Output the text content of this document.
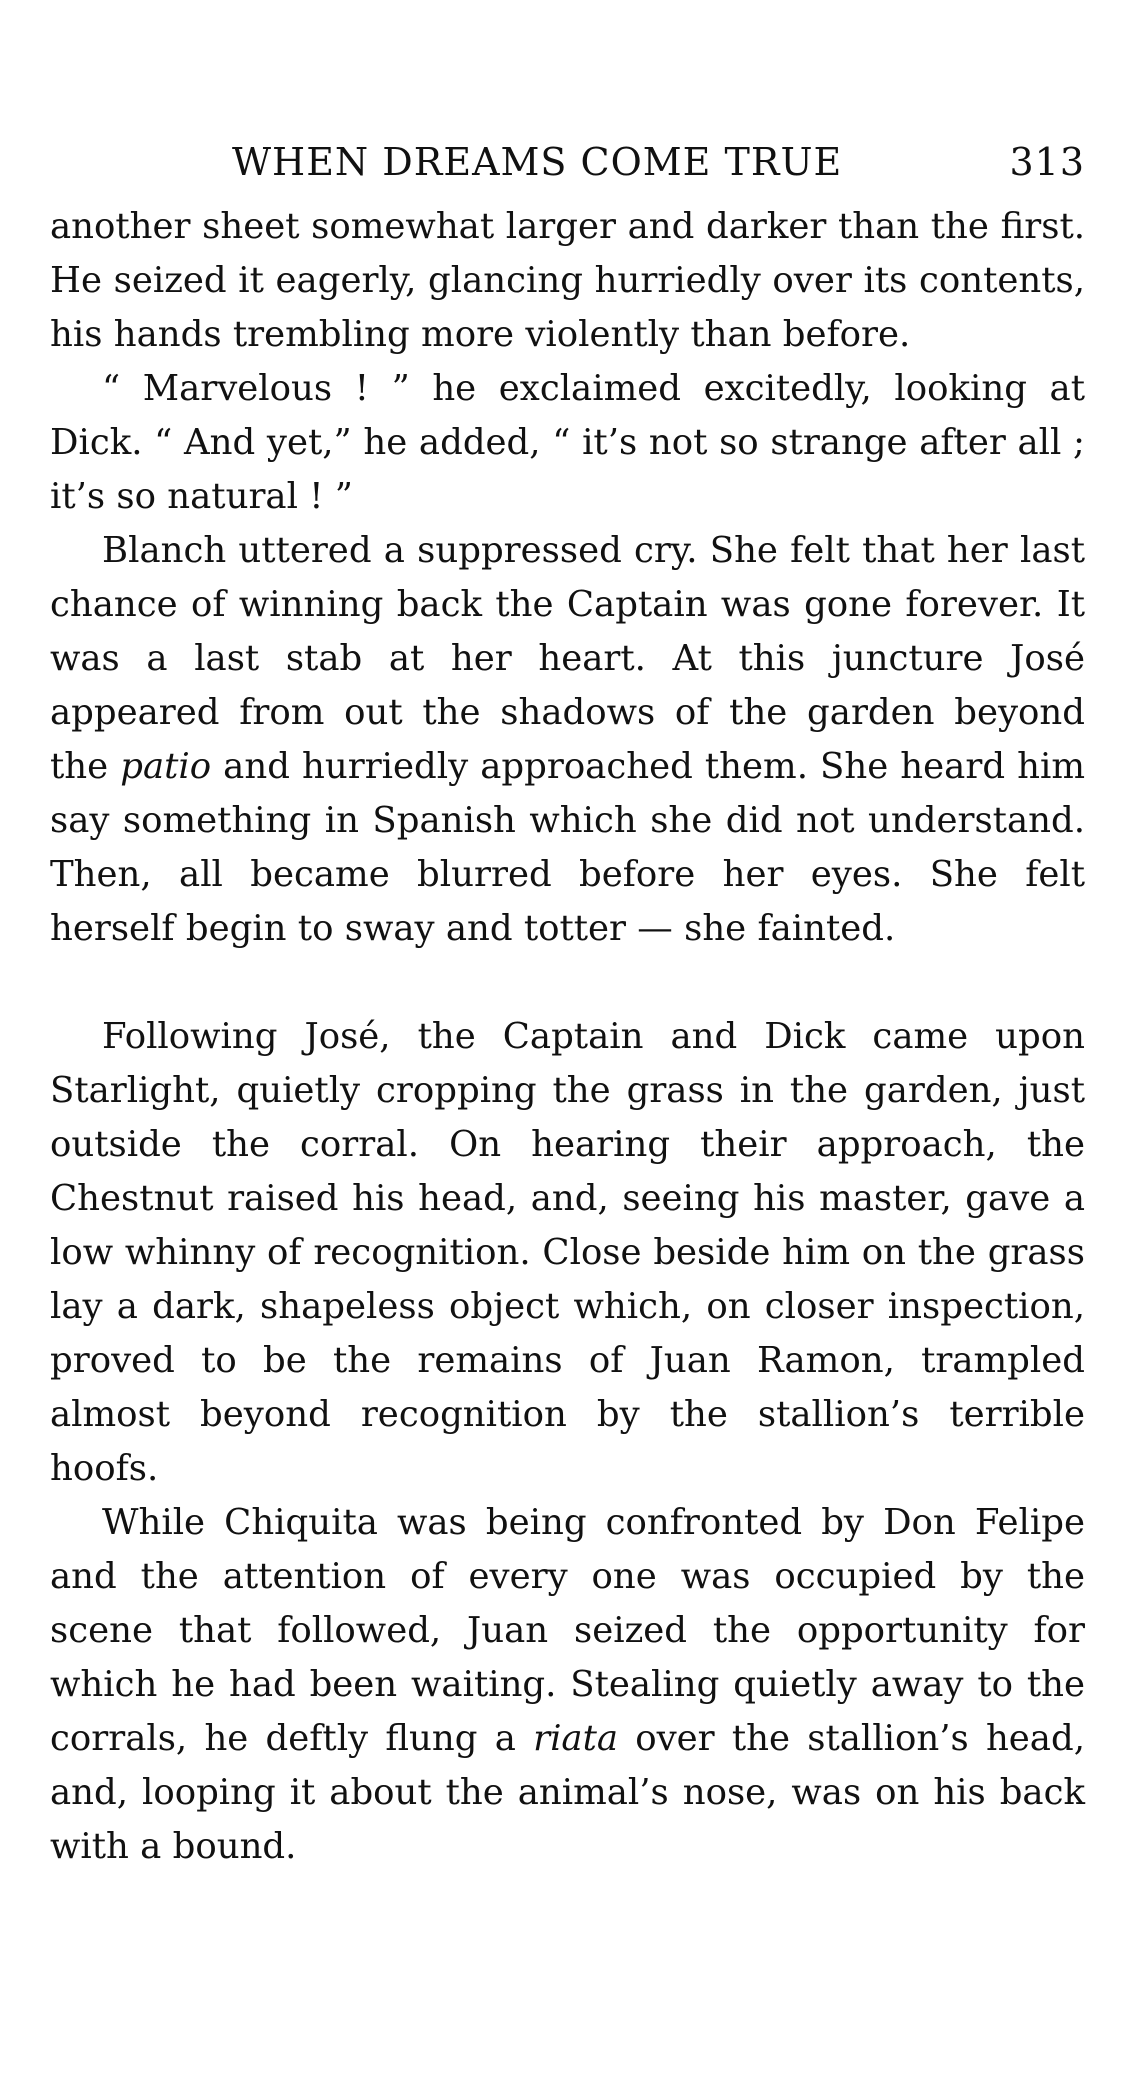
WHEN DREAMS COME TRUE	313

another sheet somewhat larger and darker than the first. He seized it eagerly, glancing hurriedly over its contents, his hands trembling more violently than before.

“ Marvelous ! ” he exclaimed excitedly, looking at Dick. “ And yet,” he added, “ it’s not so strange after all ; it’s so natural ! ”

Blanch uttered a suppressed cry. She felt that her last chance of winning back the Captain was gone forever. It was a last stab at her heart. At this juncture José appeared from out the shadows of the garden beyond the patio and hurriedly approached them. She heard him say something in Spanish which she did not understand. Then, all became blurred before her eyes. She felt herself begin to sway and totter — she fainted.

Following José, the Captain and Dick came upon Starlight, quietly cropping the grass in the garden, just outside the corral. On hearing their approach, the Chestnut raised his head, and, seeing his master, gave a low whinny of recognition. Close beside him on the grass lay a dark, shapeless object which, on closer inspection, proved to be the remains of Juan Ramon, trampled almost beyond recognition by the stallion’s terrible hoofs.

While Chiquita was being confronted by Don Felipe and the attention of every one was occupied by the scene that followed, Juan seized the opportunity for which he had been waiting. Stealing quietly away to the corrals, he deftly flung a riata over the stallion’s head, and, looping it about the animal’s nose, was on his back with a bound.
